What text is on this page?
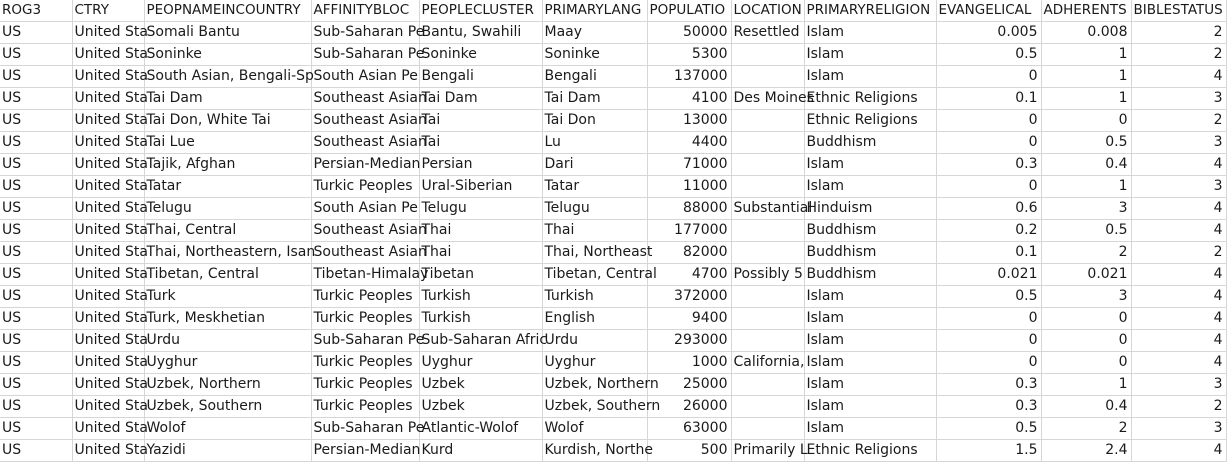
ROG3	CTRY	PEOPNAMEINCOUNTRY	AFFINITYBLOC	PEOPLECLUSTER	PRIMARYLANG	POPULATIO	LOCATION	PRIMARYRELIGION	EVANGELICAL	ADHERENTS	BIBLESTATUS
US	United Sta	Somali Bantu	Sub-Saharan Pe	Bantu, Swahili	Maay	50000	Resettled	Islam	0.005	0.008	2
US	United Sta	Soninke	Sub-Saharan Pe	Soninke	Soninke	5300		Islam	0.5	1	2
US	United Sta	South Asian, Bengali-Sp	South Asian Pe	Bengali	Bengali	137000		Islam	0	1	4
US	United Sta	Tai Dam	Southeast Asian	Tai Dam	Tai Dam	4100	Des Moines	Ethnic Religions	0.1	1	3
US	United Sta	Tai Don, White Tai	Southeast Asian	Tai	Tai Don	13000		Ethnic Religions	0	0	2
US	United Sta	Tai Lue	Southeast Asian	Tai	Lu	4400		Buddhism	0	0.5	3
US	United Sta	Tajik, Afghan	Persian-Median	Persian	Dari	71000		Islam	0.3	0.4	4
US	United Sta	Tatar	Turkic Peoples	Ural-Siberian	Tatar	11000		Islam	0	1	3
US	United Sta	Telugu	South Asian Pe	Telugu	Telugu	88000	Substantial	Hinduism	0.6	3	4
US	United Sta	Thai, Central	Southeast Asian	Thai	Thai	177000		Buddhism	0.2	0.5	4
US	United Sta	Thai, Northeastern, Isan	Southeast Asian	Thai	Thai, Northeast	82000		Buddhism	0.1	2	2
US	United Sta	Tibetan, Central	Tibetan-Himalay	Tibetan	Tibetan, Central	4700	Possibly 5	Buddhism	0.021	0.021	4
US	United Sta	Turk	Turkic Peoples	Turkish	Turkish	372000		Islam	0.5	3	4
US	United Sta	Turk, Meskhetian	Turkic Peoples	Turkish	English	9400		Islam	0	0	4
US	United Sta	Urdu	Sub-Saharan Pe	Sub-Saharan Afric	Urdu	293000		Islam	0	0	4
US	United Sta	Uyghur	Turkic Peoples	Uyghur	Uyghur	1000	California,	Islam	0	0	4
US	United Sta	Uzbek, Northern	Turkic Peoples	Uzbek	Uzbek, Northern	25000		Islam	0.3	1	3
US	United Sta	Uzbek, Southern	Turkic Peoples	Uzbek	Uzbek, Southern	26000		Islam	0.3	0.4	2
US	United Sta	Wolof	Sub-Saharan Pe	Atlantic-Wolof	Wolof	63000		Islam	0.5	2	3
US	United Sta	Yazidi	Persian-Median	Kurd	Kurdish, Northe	500	Primarily L	Ethnic Religions	1.5	2.4	4
